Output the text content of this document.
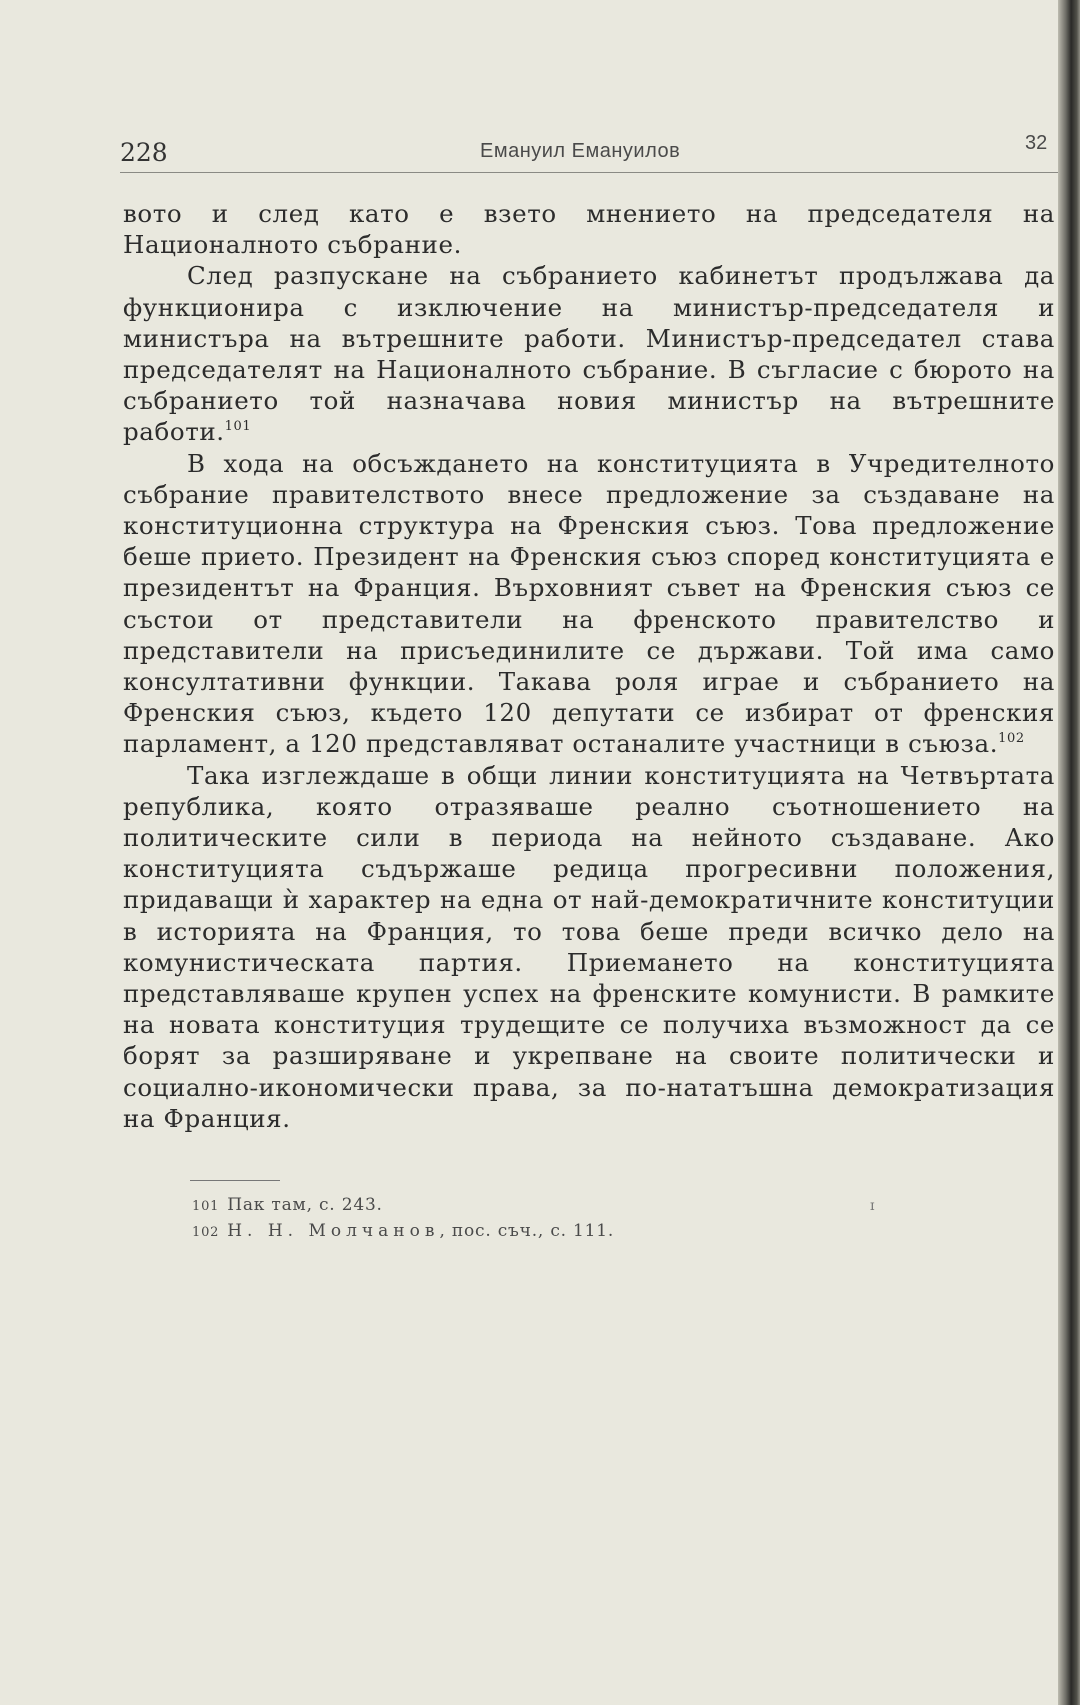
228	Емануил Емануилов	32

вото и след като е взето мнението на председателя на Националното събрание.

След разпускане на събранието кабинетът продължава да функционира с изключение на министър-председателя и министъра на вътрешните работи. Министър-председател става председателят на Националното събрание. В съгласие с бюрото на събранието той назначава новия министър на вътрешните работи.$^{101}$

В хода на обсъждането на конституцията в Учредителното събрание правителството внесе предложение за създаване на конституционна структура на Френския съюз. Това предложение беше прието. Президент на Френския съюз според конституцията е президентът на Франция. Върховният съвет на Френския съюз се състои от представители на френското правителство и представители на присъединилите се държави. Той има само консултативни функции. Такава роля играе и събранието на Френския съюз, където 120 депутати се избират от френския парламент, а 120 представляват останалите участници в съюза.$^{102}$

Така изглеждаше в общи линии конституцията на Четвъртата република, която отразяваше реално съотношението на политическите сили в периода на нейното създаване. Ако конституцията съдържаше редица прогресивни положения, придаващи ѝ характер на една от най-демократичните конституции в историята на Франция, то това беше преди всичко дело на комунистическата партия. Приемането на конституцията представляваше крупен успех на френските комунисти. В рамките на новата конституция трудещите се получиха възможност да се борят за разширяване и укрепване на своите политически и социално-икономически права, за по-нататъшна демократизация на Франция.

101 Пак там, с. 243.
102 Н. Н. Молчанов, пос. съч., с. 111.
ɪ
